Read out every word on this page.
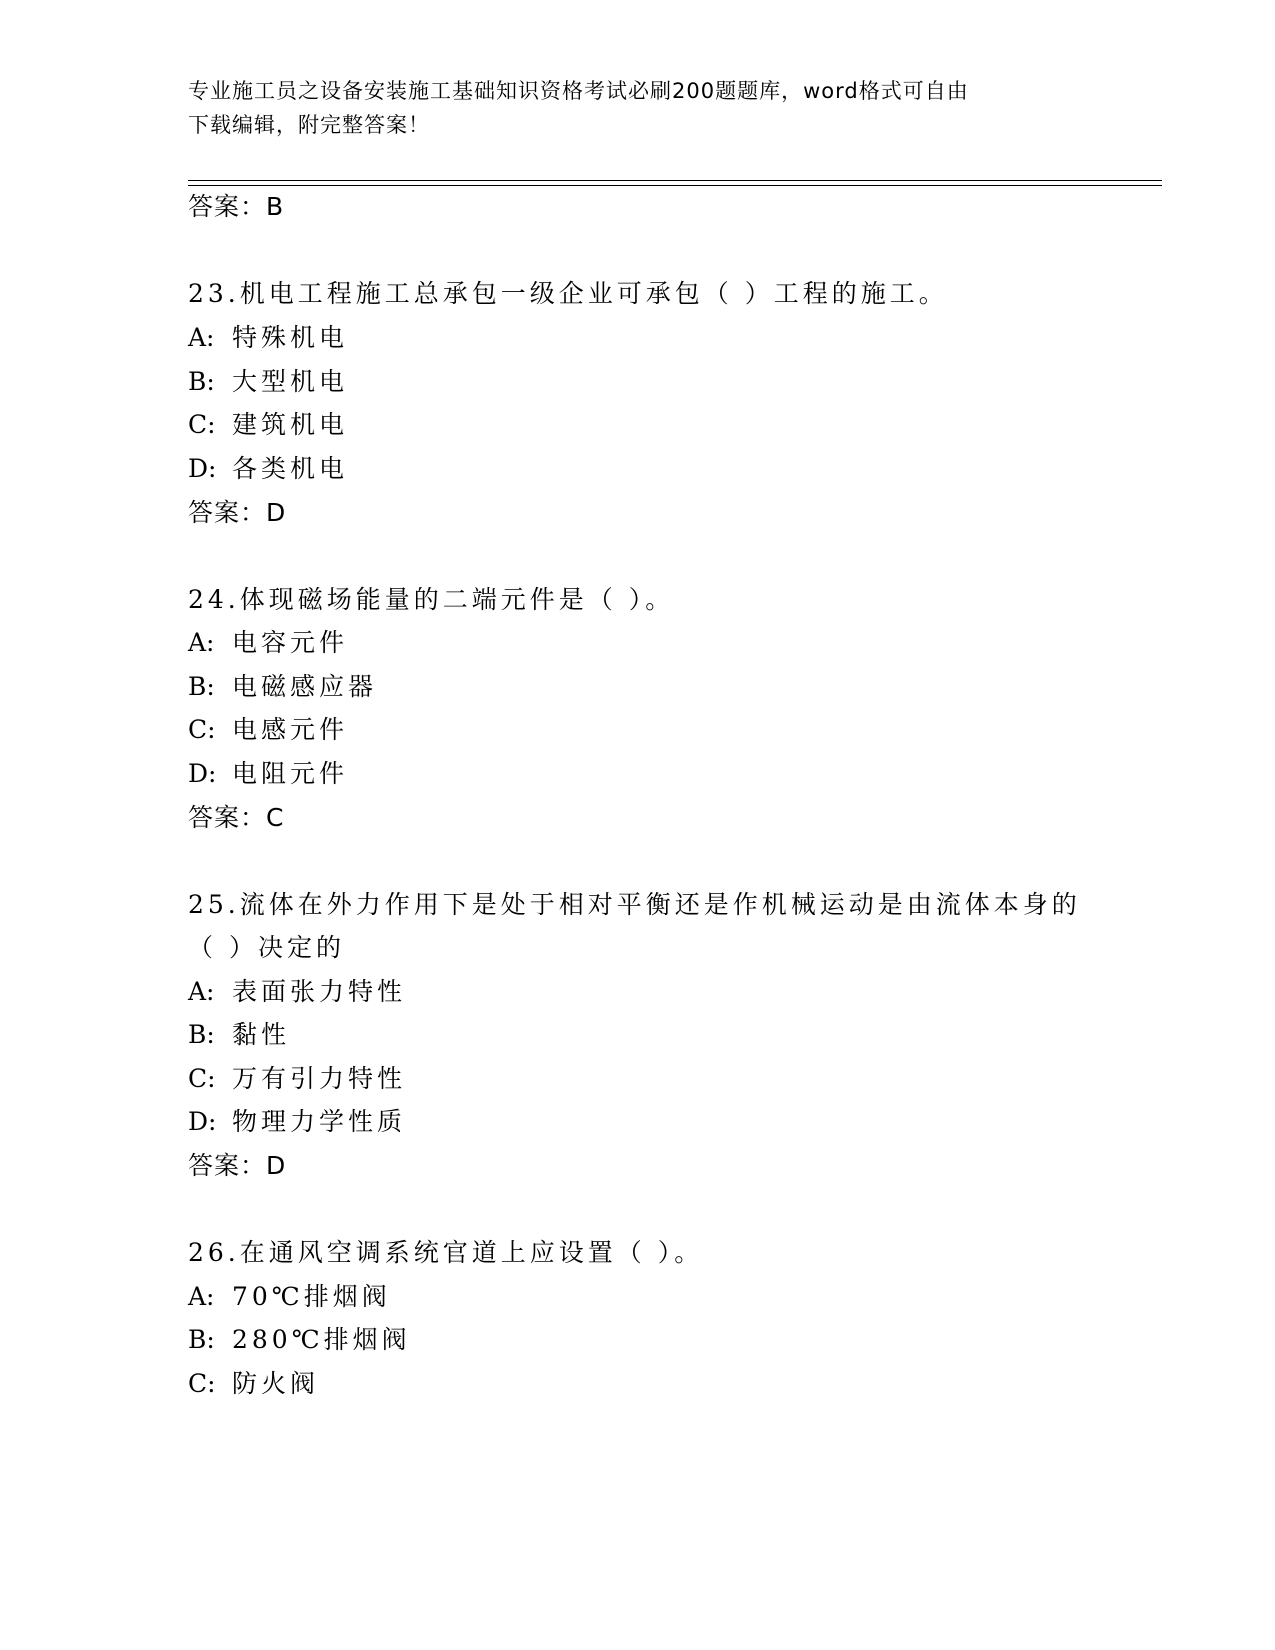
专业施工员之设备安装施工基础知识资格考试必刷200题题库，word格式可自由
下载编辑，附完整答案！
答案：B
23.机电工程施工总承包一级企业可承包（ ）工程的施工。
A: 特殊机电
B: 大型机电
C: 建筑机电
D: 各类机电
答案：D
24.体现磁场能量的二端元件是（ ）。
A: 电容元件
B: 电磁感应器
C: 电感元件
D: 电阻元件
答案：C
25.流体在外力作用下是处于相对平衡还是作机械运动是由流体本身的
（ ）决定的
A: 表面张力特性
B: 黏性
C: 万有引力特性
D: 物理力学性质
答案：D
26.在通风空调系统官道上应设置（ ）。
A: 70℃排烟阀
B: 280℃排烟阀
C: 防火阀
